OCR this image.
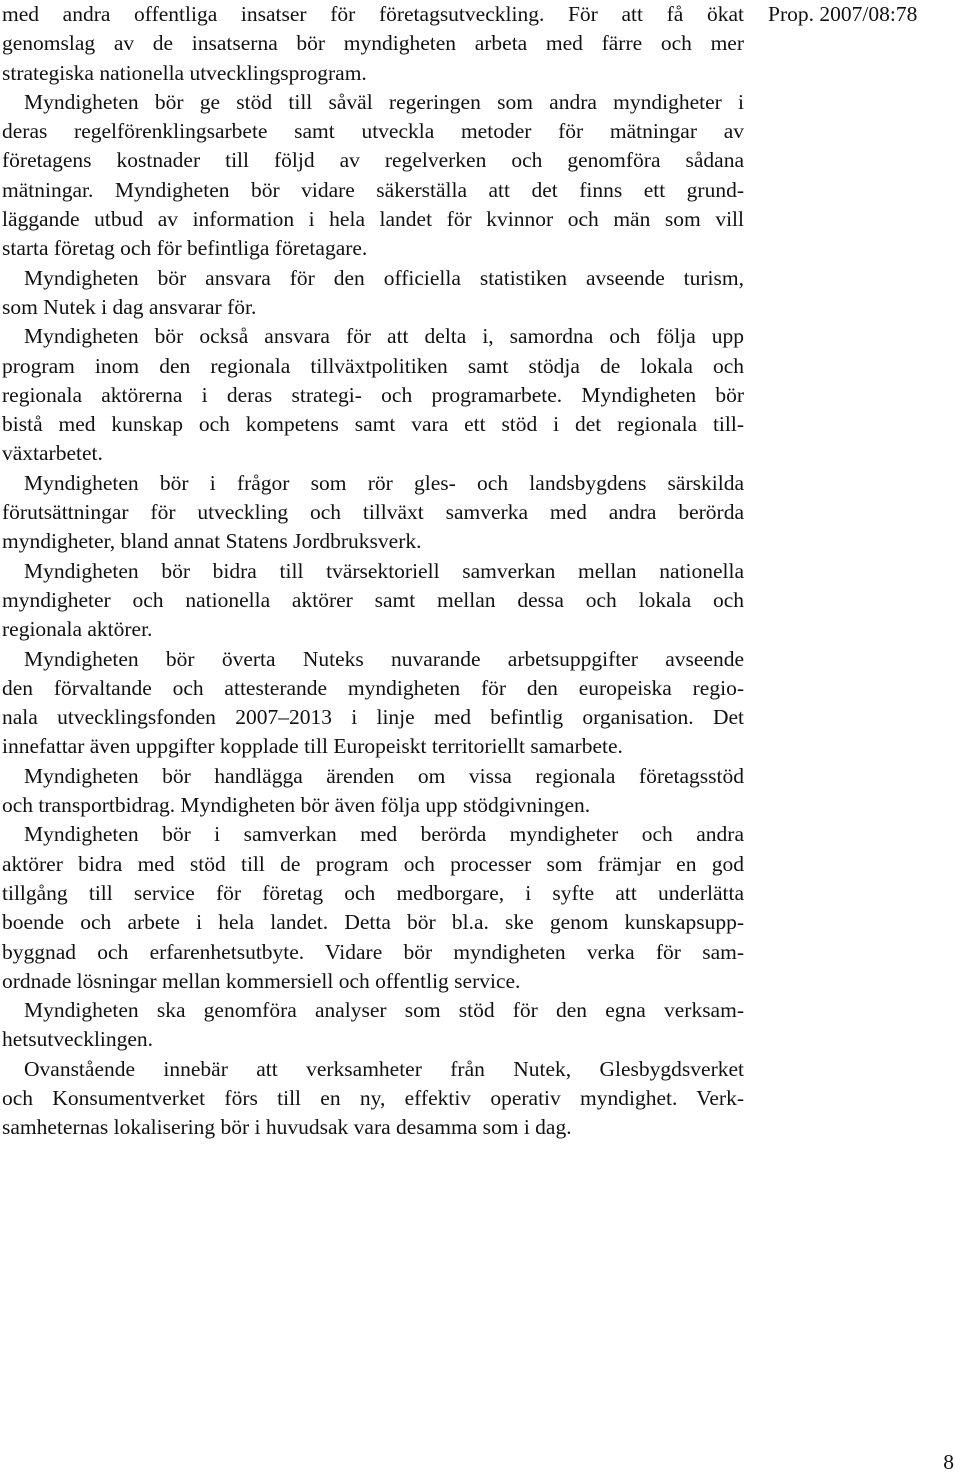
Prop. 2007/08:78
med andra offentliga insatser för företagsutveckling. För att få ökat
genomslag av de insatserna bör myndigheten arbeta med färre och mer
strategiska nationella utvecklingsprogram.
Myndigheten bör ge stöd till såväl regeringen som andra myndigheter i
deras regelförenklingsarbete samt utveckla metoder för mätningar av
företagens kostnader till följd av regelverken och genomföra sådana
mätningar. Myndigheten bör vidare säkerställa att det finns ett grund-
läggande utbud av information i hela landet för kvinnor och män som vill
starta företag och för befintliga företagare.
Myndigheten bör ansvara för den officiella statistiken avseende turism,
som Nutek i dag ansvarar för.
Myndigheten bör också ansvara för att delta i, samordna och följa upp
program inom den regionala tillväxtpolitiken samt stödja de lokala och
regionala aktörerna i deras strategi- och programarbete. Myndigheten bör
bistå med kunskap och kompetens samt vara ett stöd i det regionala till-
växtarbetet.
Myndigheten bör i frågor som rör gles- och landsbygdens särskilda
förutsättningar för utveckling och tillväxt samverka med andra berörda
myndigheter, bland annat Statens Jordbruksverk.
Myndigheten bör bidra till tvärsektoriell samverkan mellan nationella
myndigheter och nationella aktörer samt mellan dessa och lokala och
regionala aktörer.
Myndigheten bör överta Nuteks nuvarande arbetsuppgifter avseende
den förvaltande och attesterande myndigheten för den europeiska regio-
nala utvecklingsfonden 2007–2013 i linje med befintlig organisation. Det
innefattar även uppgifter kopplade till Europeiskt territoriellt samarbete.
Myndigheten bör handlägga ärenden om vissa regionala företagsstöd
och transportbidrag. Myndigheten bör även följa upp stödgivningen.
Myndigheten bör i samverkan med berörda myndigheter och andra
aktörer bidra med stöd till de program och processer som främjar en god
tillgång till service för företag och medborgare, i syfte att underlätta
boende och arbete i hela landet. Detta bör bl.a. ske genom kunskapsupp-
byggnad och erfarenhetsutbyte. Vidare bör myndigheten verka för sam-
ordnade lösningar mellan kommersiell och offentlig service.
Myndigheten ska genomföra analyser som stöd för den egna verksam-
hetsutvecklingen.
Ovanstående innebär att verksamheter från Nutek, Glesbygdsverket
och Konsumentverket förs till en ny, effektiv operativ myndighet. Verk-
samheternas lokalisering bör i huvudsak vara desamma som i dag.
8
